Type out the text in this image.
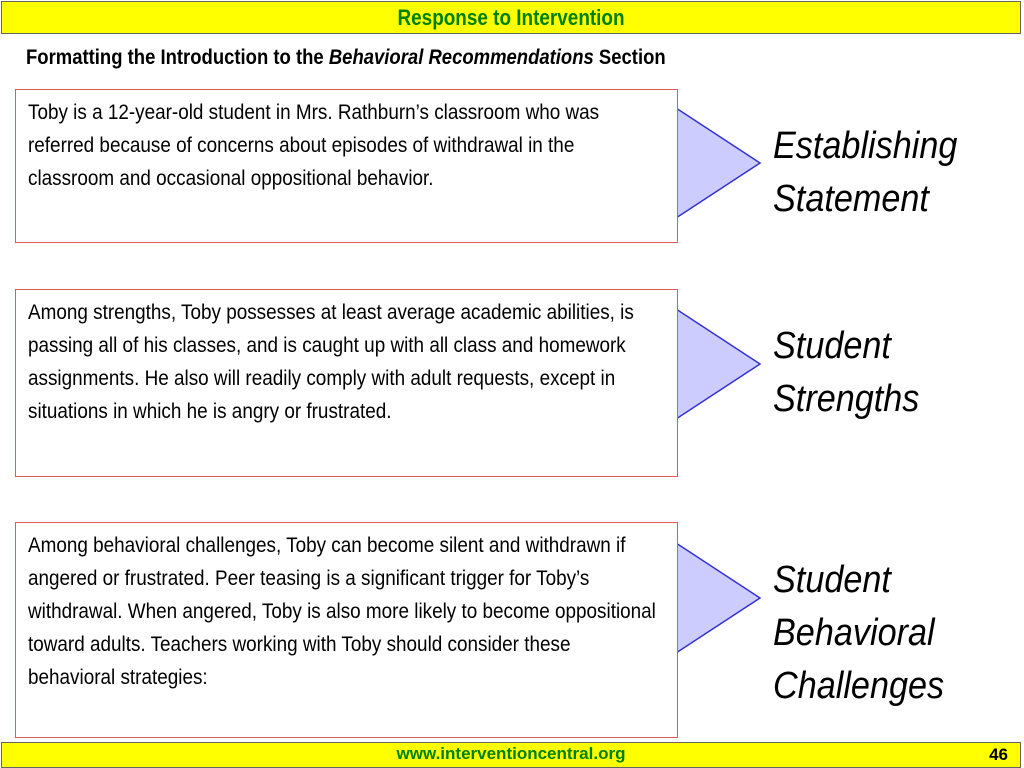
Response to Intervention
Formatting the Introduction to the Behavioral Recommendations Section

Toby is a 12-year-old student in Mrs. Rathburn’s classroom who was referred because of concerns about episodes of withdrawal in the classroom and occasional oppositional behavior.

Establishing
Statement

Among strengths, Toby possesses at least average academic abilities, is passing all of his classes, and is caught up with all class and homework assignments. He also will readily comply with adult requests, except in situations in which he is angry or frustrated.

Student
Strengths

Among behavioral challenges, Toby can become silent and withdrawn if angered or frustrated. Peer teasing is a significant trigger for Toby’s withdrawal. When angered, Toby is also more likely to become oppositional toward adults. Teachers working with Toby should consider these behavioral strategies:

Student
Behavioral
Challenges
www.interventioncentral.org	46
